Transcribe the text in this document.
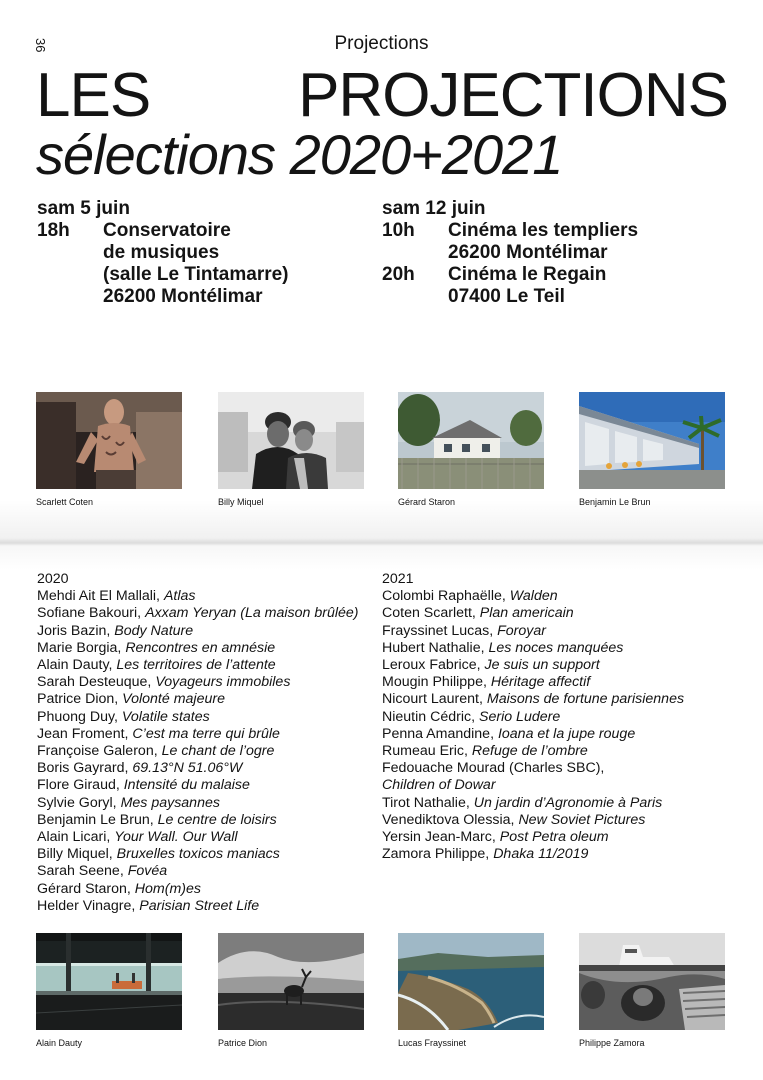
36	Projections
LES PROJECTIONS
sélections 2020+2021
sam 5 juin
18h	Conservatoire
de musiques
(salle Le Tintamarre)
26200 Montélimar
sam 12 juin
10h	Cinéma les templiers
26200 Montélimar
20h	Cinéma le Regain
07400 Le Teil
Scarlett Coten	Billy Miquel	Gérard Staron	Benjamin Le Brun
2020
Mehdi Ait El Mallali, Atlas
Sofiane Bakouri, Axxam Yeryan (La maison brûlée)
Joris Bazin, Body Nature
Marie Borgia, Rencontres en amnésie
Alain Dauty, Les territoires de l’attente
Sarah Desteuque, Voyageurs immobiles
Patrice Dion, Volonté majeure
Phuong Duy, Volatile states
Jean Froment, C’est ma terre qui brûle
Françoise Galeron, Le chant de l’ogre
Boris Gayrard, 69.13°N 51.06°W
Flore Giraud, Intensité du malaise
Sylvie Goryl, Mes paysannes
Benjamin Le Brun, Le centre de loisirs
Alain Licari, Your Wall. Our Wall
Billy Miquel, Bruxelles toxicos maniacs
Sarah Seene, Fovéa
Gérard Staron, Hom(m)es
Helder Vinagre, Parisian Street Life
2021
Colombi Raphaëlle, Walden
Coten Scarlett, Plan americain
Frayssinet Lucas, Foroyar
Hubert Nathalie, Les noces manquées
Leroux Fabrice, Je suis un support
Mougin Philippe, Héritage affectif
Nicourt Laurent, Maisons de fortune parisiennes
Nieutin Cédric, Serio Ludere
Penna Amandine, Ioana et la jupe rouge
Rumeau Eric, Refuge de l’ombre
Fedouache Mourad (Charles SBC),
Children of Dowar
Tirot Nathalie, Un jardin d’Agronomie à Paris
Venediktova Olessia, New Soviet Pictures
Yersin Jean-Marc, Post Petra oleum
Zamora Philippe, Dhaka 11/2019
Alain Dauty	Patrice Dion	Lucas Frayssinet	Philippe Zamora
